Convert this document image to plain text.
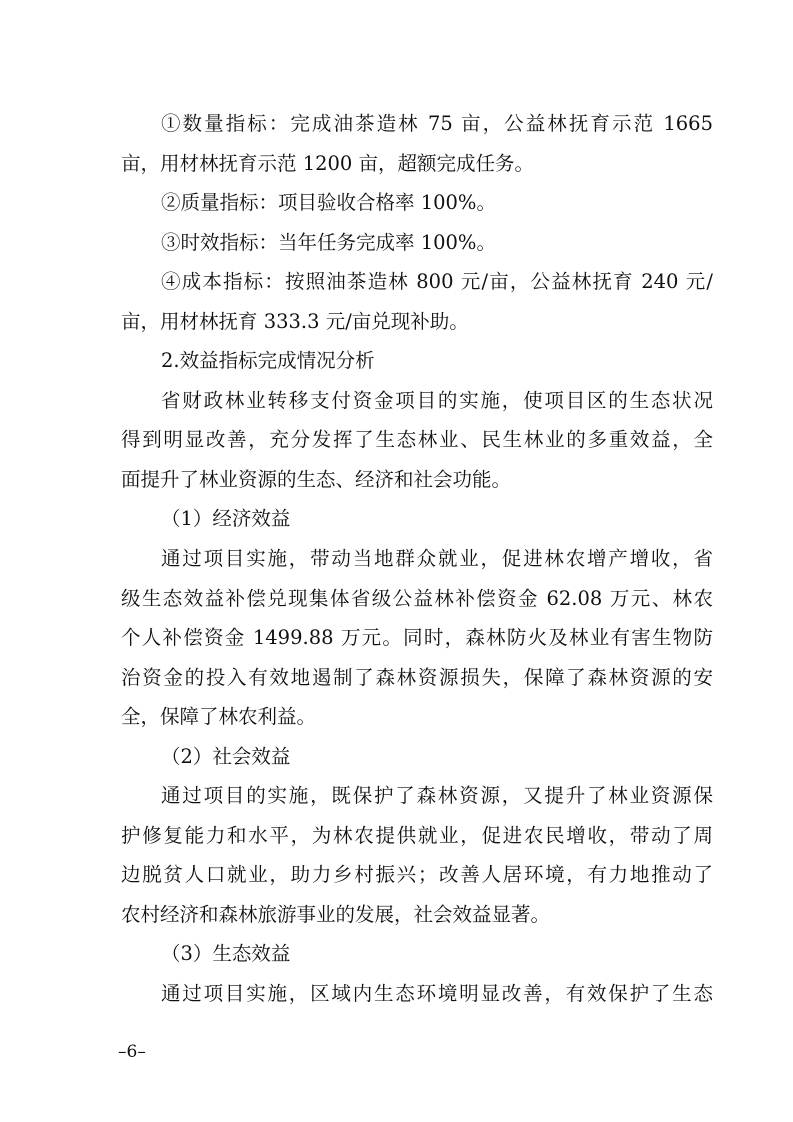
①数量指标：完成油茶造林 75 亩，公益林抚育示范 1665
亩，用材林抚育示范 1200 亩，超额完成任务。
②质量指标：项目验收合格率 100%。
③时效指标：当年任务完成率 100%。
④成本指标：按照油茶造林 800 元/亩，公益林抚育 240 元/
亩，用材林抚育 333.3 元/亩兑现补助。
2.效益指标完成情况分析
省财政林业转移支付资金项目的实施，使项目区的生态状况
得到明显改善，充分发挥了生态林业、民生林业的多重效益，全
面提升了林业资源的生态、经济和社会功能。
（1）经济效益
通过项目实施，带动当地群众就业，促进林农增产增收，省
级生态效益补偿兑现集体省级公益林补偿资金 62.08 万元、林农
个人补偿资金 1499.88 万元。同时，森林防火及林业有害生物防
治资金的投入有效地遏制了森林资源损失，保障了森林资源的安
全，保障了林农利益。
（2）社会效益
通过项目的实施，既保护了森林资源，又提升了林业资源保
护修复能力和水平，为林农提供就业，促进农民增收，带动了周
边脱贫人口就业，助力乡村振兴；改善人居环境，有力地推动了
农村经济和森林旅游事业的发展，社会效益显著。
（3）生态效益
通过项目实施，区域内生态环境明显改善，有效保护了生态
–6–
